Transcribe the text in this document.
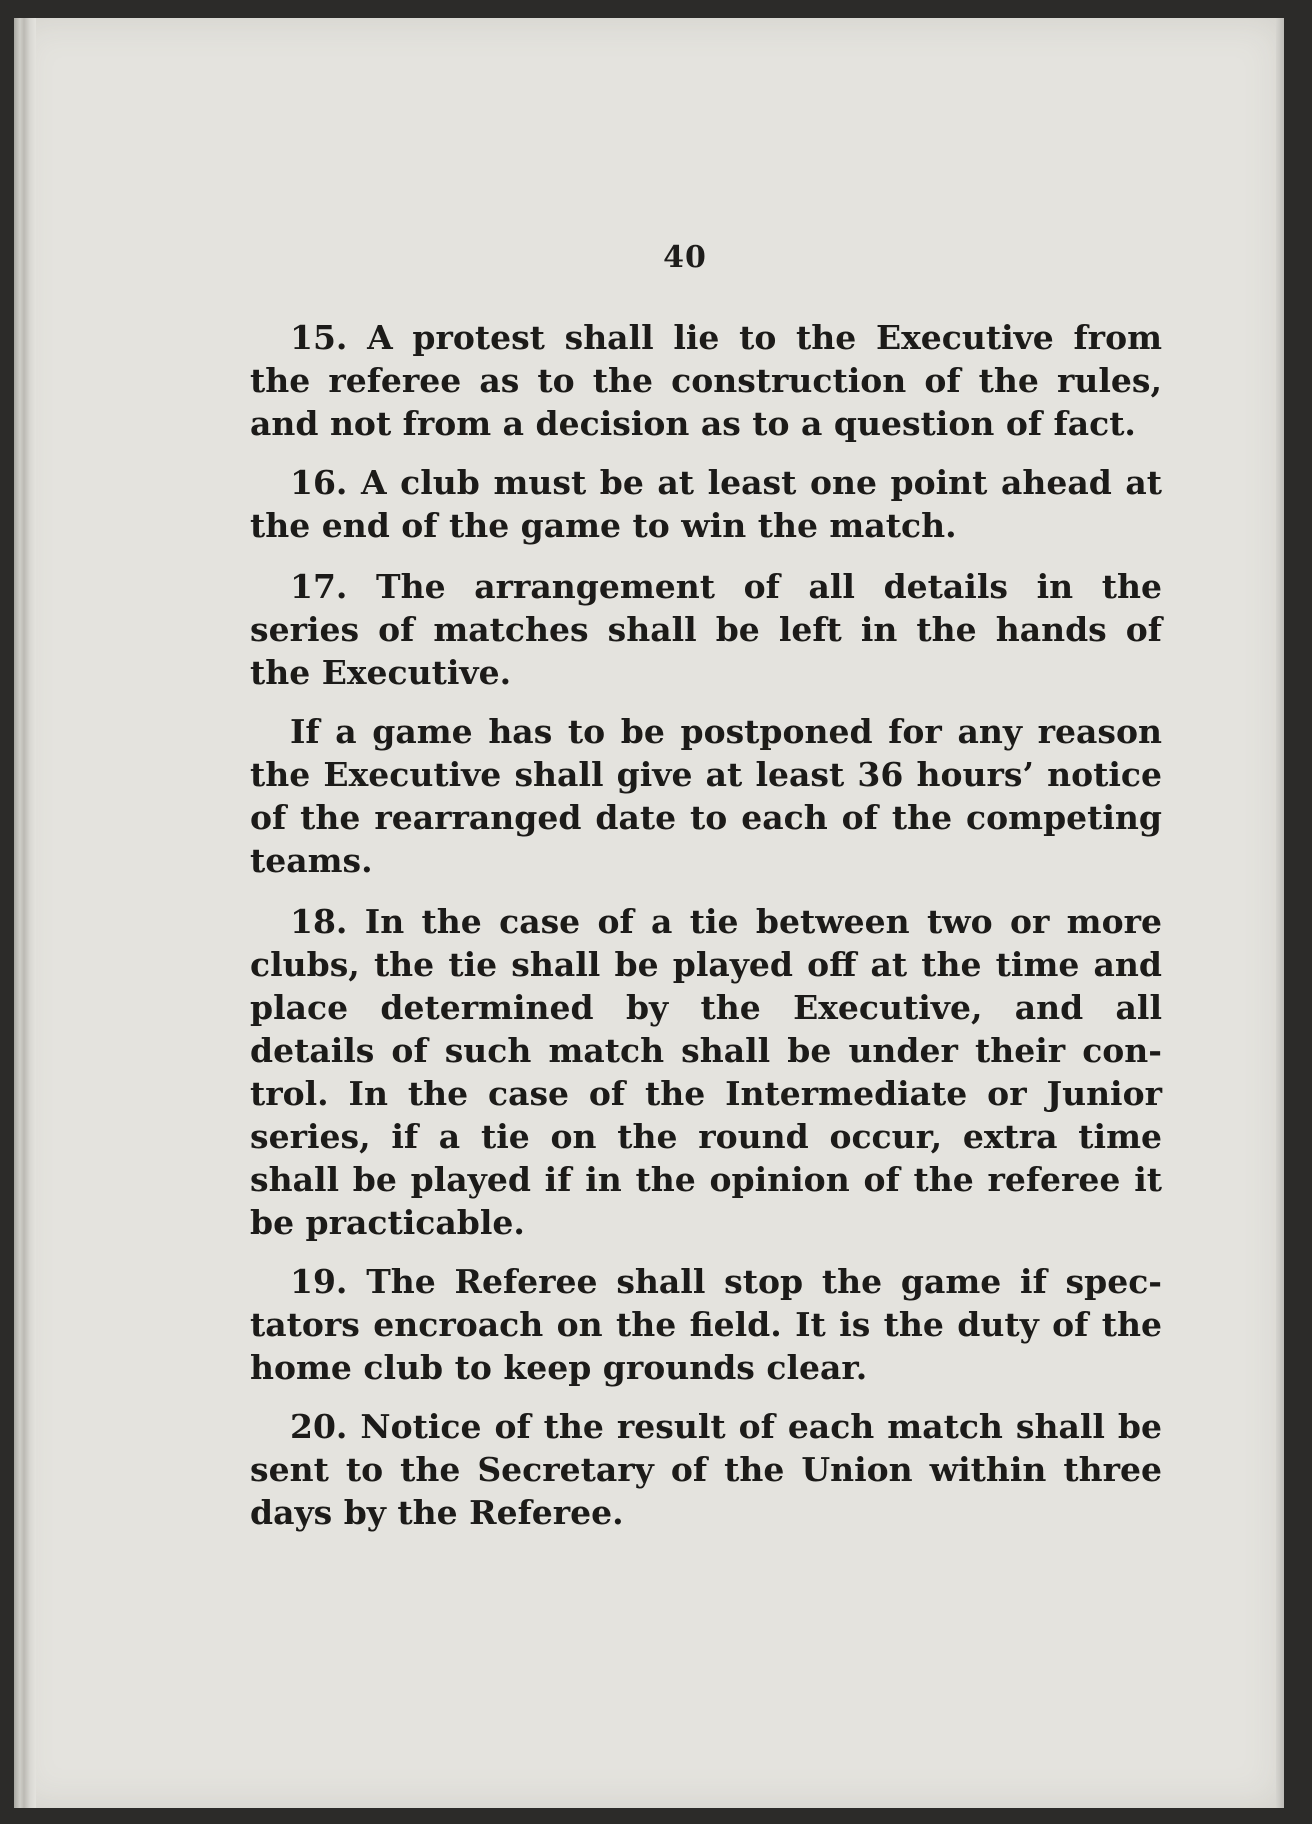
40

15. A protest shall lie to the Executive from the referee as to the construction of the rules, and not from a decision as to a question of fact.

16. A club must be at least one point ahead at the end of the game to win the match.

17. The arrangement of all details in the series of matches shall be left in the hands of the Executive.

If a game has to be postponed for any reason the Executive shall give at least 36 hours’ notice of the rearranged date to each of the competing teams.

18. In the case of a tie between two or more clubs, the tie shall be played off at the time and place determined by the Executive, and all details of such match shall be under their con-trol. In the case of the Intermediate or Junior series, if a tie on the round occur, extra time shall be played if in the opinion of the referee it be practicable.

19. The Referee shall stop the game if spec-tators encroach on the field. It is the duty of the home club to keep grounds clear.

20. Notice of the result of each match shall be sent to the Secretary of the Union within three days by the Referee.
